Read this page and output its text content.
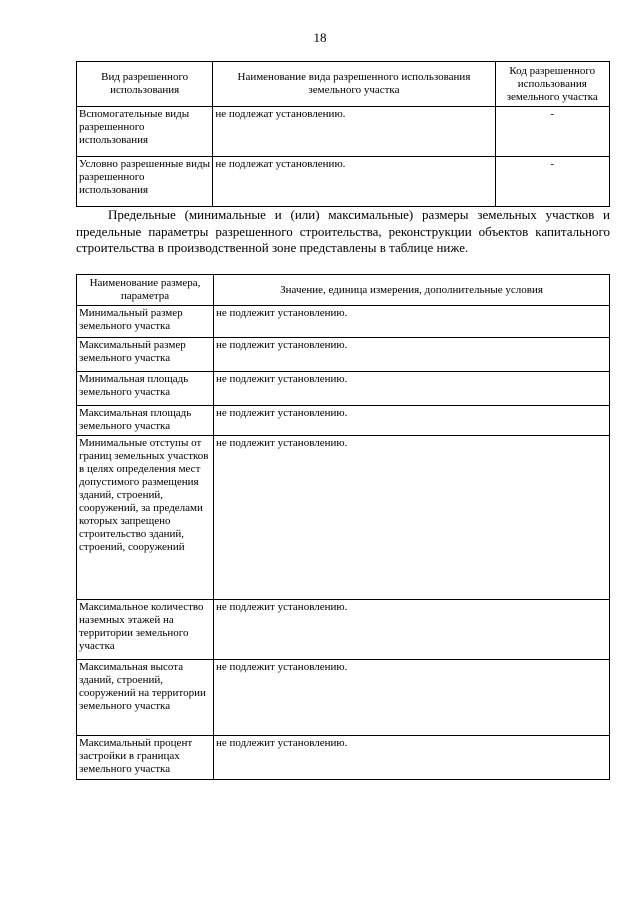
18
Вид разрешенного использования	Наименование вида разрешенного использования земельного участка	Код разрешенного использования земельного участка
Вспомогательные виды разрешенного использования	не подлежат установлению.	-
Условно разрешенные виды разрешенного использования	не подлежат установлению.	-
Предельные (минимальные и (или) максимальные) размеры земельных участков и предельные параметры разрешенного строительства, реконструкции объектов капитального строительства в производственной зоне представлены в таблице ниже.
Наименование размера, параметра	Значение, единица измерения, дополнительные условия
Минимальный размер земельного участка	не подлежит установлению.
Максимальный размер земельного участка	не подлежит установлению.
Минимальная площадь земельного участка	не подлежит установлению.
Максимальная площадь земельного участка	не подлежит установлению.
Минимальные отступы от границ земельных участков в целях определения мест допустимого размещения зданий, строений, сооружений, за пределами которых запрещено строительство зданий, строений, сооружений	не подлежит установлению.
Максимальное количество наземных этажей на территории земельного участка	не подлежит установлению.
Максимальная высота зданий, строений, сооружений на территории земельного участка	не подлежит установлению.
Максимальный процент застройки в границах земельного участка	не подлежит установлению.
